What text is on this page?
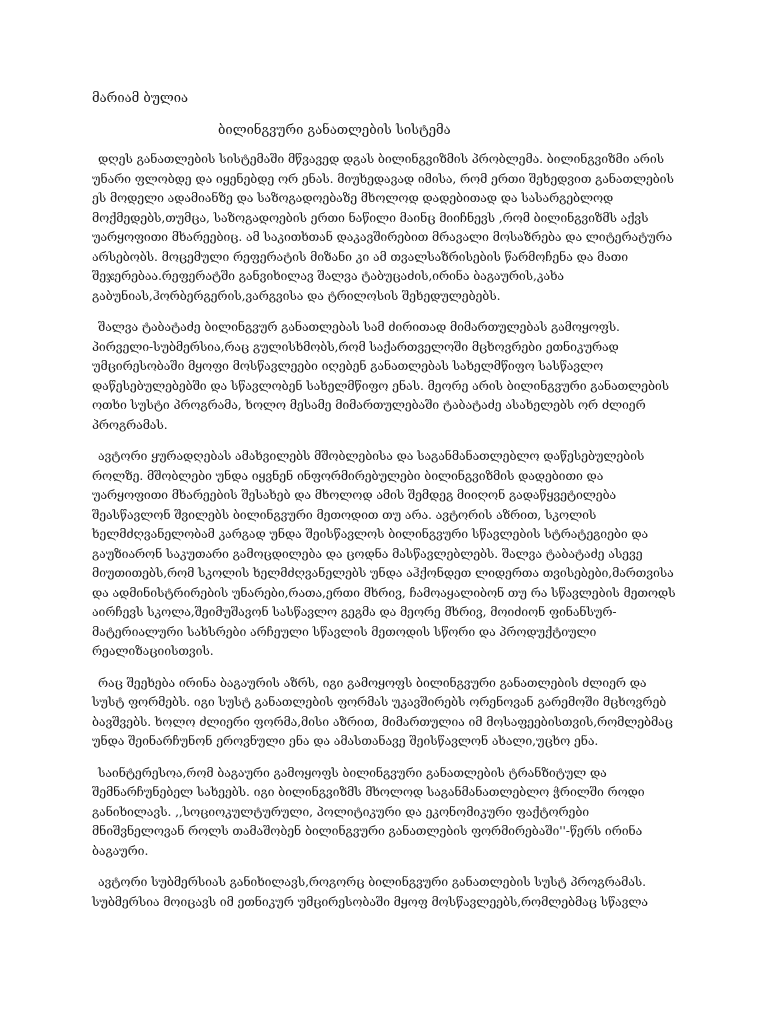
მარიამ ბულია
ბილინგვური განათლების სისტემა

დღეს განათლების სისტემაში მწვავედ დგას ბილინგვიზმის პრობლემა. ბილინგვიზმი არის უნარი ფლობდე და იყენებდე ორ ენას. მიუხედავად იმისა, რომ ერთი შეხედვით განათლების ეს მოდელი ადამიანზე და საზოგადოებაზე მხოლოდ დადებითად და სასარგებლოდ მოქმედებს,თუმცა, საზოგადოების ერთი ნაწილი მაინც მიიჩნევს ,რომ ბილინგვიზმს აქვს უარყოფითი მხარეებიც. ამ საკითხთან დაკავშირებით მრავალი მოსაზრება და ლიტერატურა არსებობს. მოცემული რეფერატის მიზანი კი ამ თვალსაზრისების წარმოჩენა და მათი შეჯერებაა.რეფერატში განვიხილავ შალვა ტაბუცაძის,ირინა ბაგაურის,კახა გაბუნიას,ჰორბერგერის,ვარგვისა და ტრილოსის შეხედულებებს.

შალვა ტაბატაძე ბილინგვურ განათლებას სამ ძირითად მიმართულებას გამოყოფს. პირველი-სუბმერსია,რაც გულისხმობს,რომ საქართველოში მცხოვრები ეთნიკურად უმცირესობაში მყოფი მოსწავლეები იღებენ განათლებას სახელმწიფო სასწავლო დაწესებულებებში და სწავლობენ სახელმწიფო ენას. მეორე არის ბილინგვური განათლების ოთხი სუსტი პროგრამა, ხოლო მესამე მიმართულებაში ტაბატაძე ასახელებს ორ ძლიერ პროგრამას.

ავტორი ყურადღებას ამახვილებს მშობლებისა და საგანმანათლებლო დაწესებულების როლზე. მშობლები უნდა იყვნენ ინფორმირებულები ბილინგვიზმის დადებითი და უარყოფითი მხარეების შესახებ და მხოლოდ ამის შემდეგ მიიღონ გადაწყვეტილება შეასწავლონ შვილებს ბილინგვური მეთოდით თუ არა. ავტორის აზრით, სკოლის ხელმძღვანელობამ კარგად უნდა შეისწავლოს ბილინგვური სწავლების სტრატეგიები და გაუზიარონ საკუთარი გამოცდილება და ცოდნა მასწავლებლებს. შალვა ტაბატაძე ასევე მიუთითებს,რომ სკოლის ხელმძღვანელებს უნდა აჰქონდეთ ლიდერთა თვისებები,მართვისა და ადმინისტრირების უნარები,რათა,ერთი მხრივ, ჩამოაყალიბონ თუ რა სწავლების მეთოდს აირჩევს სკოლა,შეიმუშავონ სასწავლო გეგმა და მეორე მხრივ, მოიძიონ ფინანსურ-მატერიალური სახსრები არჩეული სწავლის მეთოდის სწორი და პროდუქტიული რეალიზაციისთვის.

რაც შეეხება ირინა ბაგაურის აზრს, იგი გამოყოფს ბილინგვური განათლების ძლიერ და სუსტ ფორმებს. იგი სუსტ განათლების ფორმას უკავშირებს ორენოვან გარემოში მცხოვრებ ბავშვებს. ხოლო ძლიერი ფორმა,მისი აზრით, მიმართულია იმ მოსაფეებისთვის,რომლებმაც უნდა შეინარჩუნონ ეროვნული ენა და ამასთანავე შეისწავლონ ახალი,უცხო ენა.

საინტერესოა,რომ ბაგაური გამოყოფს ბილინგვური განათლების ტრანზიტულ და შემნარჩუნებელ სახეებს. იგი ბილინგვიზმს მხოლოდ საგანმანათლებლო ჭრილში როდი განიხილავს. ,,სოციოკულტურული, პოლიტიკური და ეკონომიკური ფაქტორები მნიშვნელოვან როლს თამაშობენ ბილინგვური განათლების ფორმირებაში''-წერს ირინა ბაგაური.

ავტორი სუბმერსიას განიხილავს,როგორც ბილინგვური განათლების სუსტ პროგრამას. სუბმერსია მოიცავს იმ ეთნიკურ უმცირესობაში მყოფ მოსწავლეებს,რომლებმაც სწავლა
